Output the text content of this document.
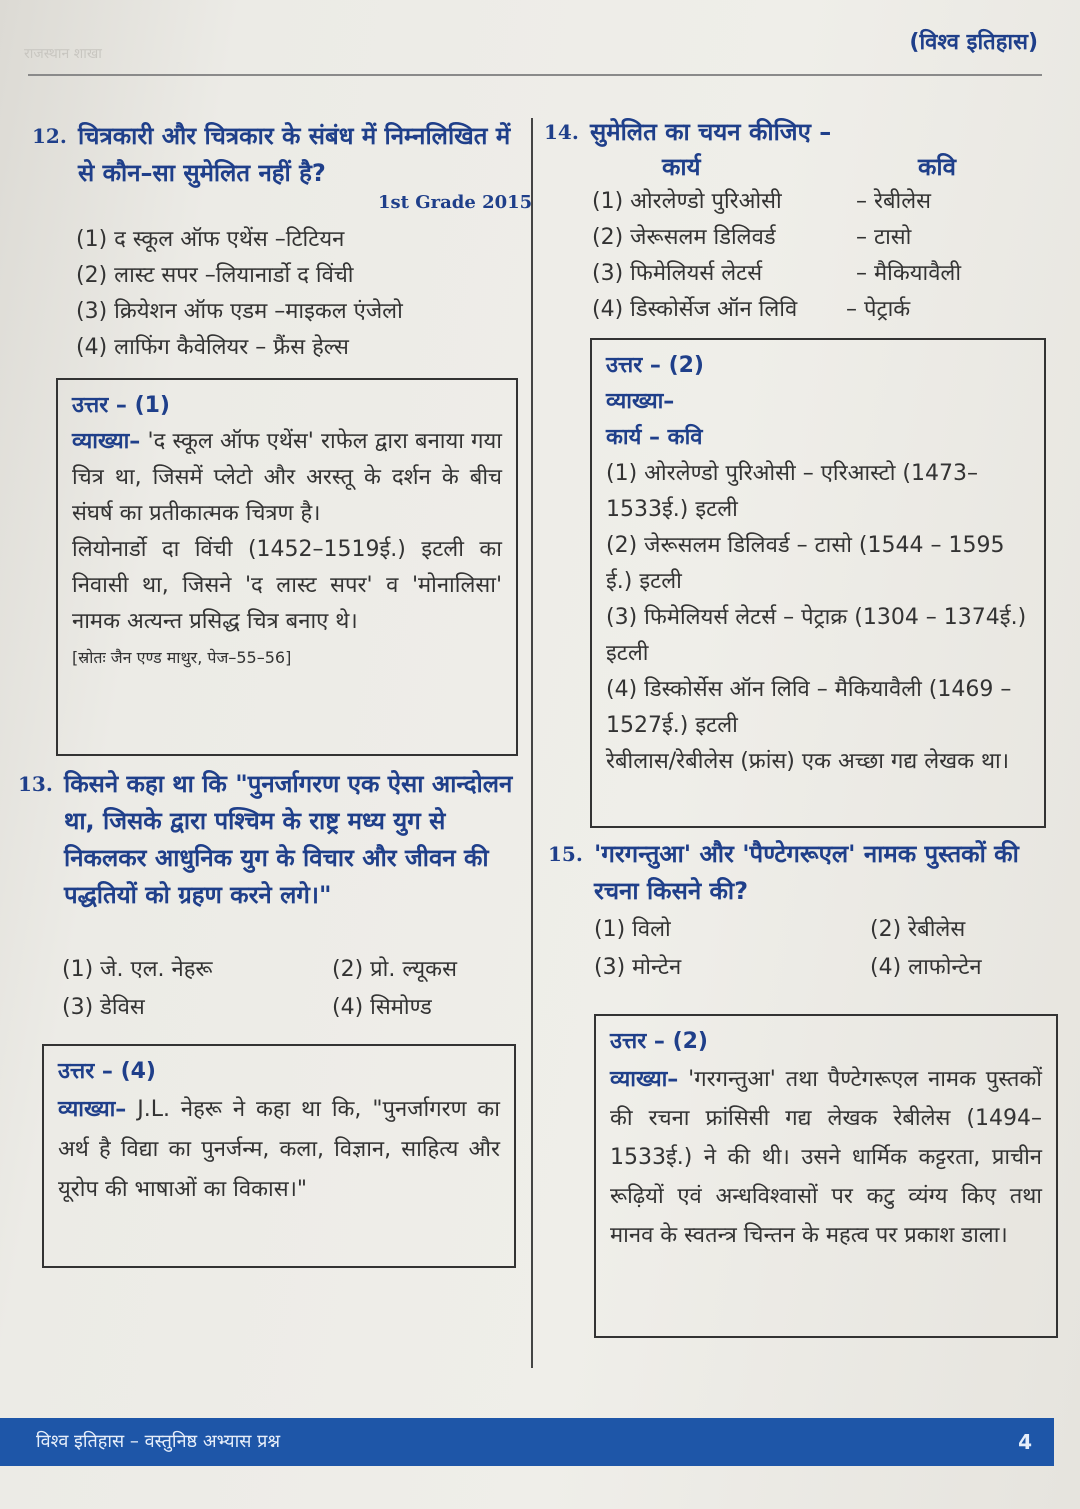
राजस्थान शाखा	(विश्व इतिहास)
12. चित्रकारी और चित्रकार के संबंध में निम्नलिखित में से कौन–सा सुमेलित नहीं है?
1st Grade 2015
(1) द स्कूल ऑफ एथेंस –टिटियन
(2) लास्ट सपर –लियानार्डो द विंची
(3) क्रियेशन ऑफ एडम –माइकल एंजेलो
(4) लाफिंग कैवेलियर – फ्रैंस हेल्स
उत्तर – (1)
व्याख्या– 'द स्कूल ऑफ एथेंस' राफेल द्वारा बनाया गया चित्र था, जिसमें प्लेटो और अरस्तू के दर्शन के बीच संघर्ष का प्रतीकात्मक चित्रण है।
लियोनार्डो दा विंची (1452–1519ई.) इटली का निवासी था, जिसने 'द लास्ट सपर' व 'मोनालिसा' नामक अत्यन्त प्रसिद्ध चित्र बनाए थे।
[स्रोतः जैन एण्ड माथुर, पेज–55–56]
13. किसने कहा था कि "पुनर्जागरण एक ऐसा आन्दोलन था, जिसके द्वारा पश्चिम के राष्ट्र मध्य युग से निकलकर आधुनिक युग के विचार और जीवन की पद्धतियों को ग्रहण करने लगे।"
(1) जे. एल. नेहरू	(2) प्रो. ल्यूकस
(3) डेविस	(4) सिमोण्ड
उत्तर – (4)
व्याख्या– J.L. नेहरू ने कहा था कि, "पुनर्जागरण का अर्थ है विद्या का पुनर्जन्म, कला, विज्ञान, साहित्य और यूरोप की भाषाओं का विकास।"
14. सुमेलित का चयन कीजिए –
कार्य	कवि
(1) ओरलेण्डो पुरिओसी	– रेबीलेस
(2) जेरूसलम डिलिवर्ड	– टासो
(3) फिमेलियर्स लेटर्स	– मैकियावैली
(4) डिस्कोर्सेज ऑन लिवि – पेट्रार्क
उत्तर – (2)
व्याख्या–
कार्य – कवि
(1) ओरलेण्डो पुरिओसी – एरिआस्टो (1473–1533ई.) इटली
(2) जेरूसलम डिलिवर्ड – टासो (1544 – 1595 ई.) इटली
(3) फिमेलियर्स लेटर्स – पेट्राक्र (1304 – 1374ई.) इटली
(4) डिस्कोर्सेस ऑन लिवि – मैकियावैली (1469 – 1527ई.) इटली
रेबीलास/रेबीलेस (फ्रांस) एक अच्छा गद्य लेखक था।
15. 'गरगन्तुआ' और 'पैण्टेगरूएल' नामक पुस्तकों की रचना किसने की?
(1) विलो	(2) रेबीलेस
(3) मोन्टेन	(4) लाफोन्टेन
उत्तर – (2)
व्याख्या– 'गरगन्तुआ' तथा पैण्टेगरूएल नामक पुस्तकों की रचना फ्रांसिसी गद्य लेखक रेबीलेस (1494–1533ई.) ने की थी। उसने धार्मिक कट्टरता, प्राचीन रूढ़ियों एवं अन्धविश्वासों पर कटु व्यंग्य किए तथा मानव के स्वतन्त्र चिन्तन के महत्व पर प्रकाश डाला।
विश्व इतिहास – वस्तुनिष्ठ अभ्यास प्रश्न	4
